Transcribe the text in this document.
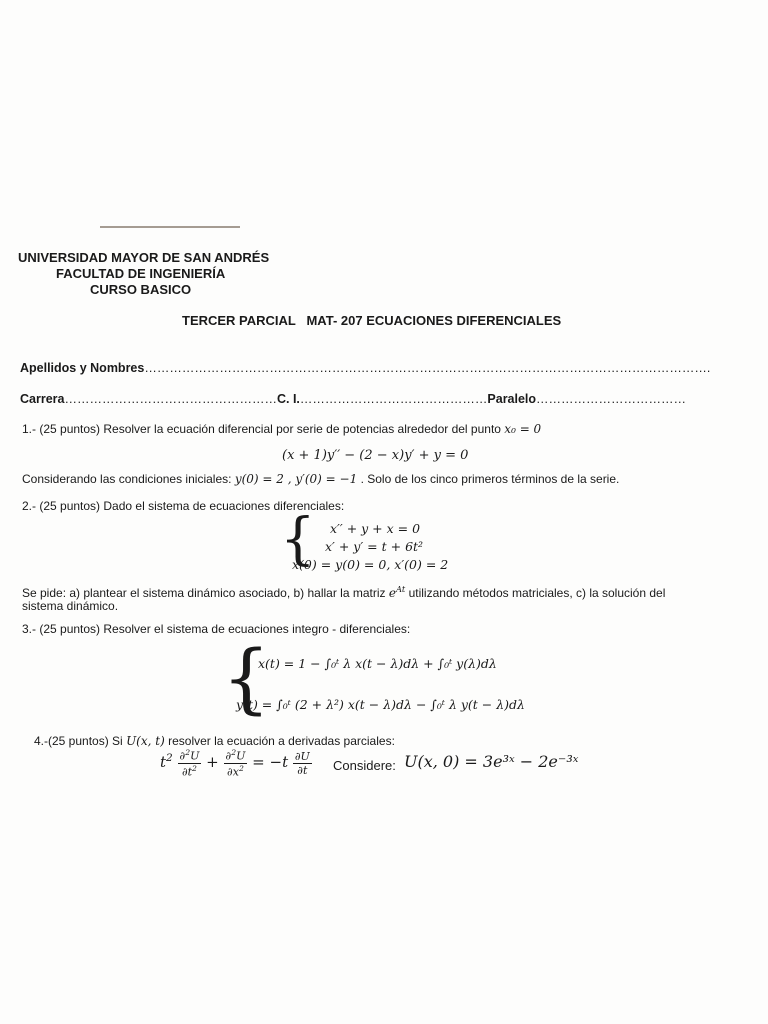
UNIVERSIDAD MAYOR DE SAN ANDRÉS
FACULTAD DE INGENIERÍA
CURSO BASICO
TERCER PARCIAL   MAT- 207 ECUACIONES DIFERENCIALES
Apellidos y Nombres……………………………………………………………………………………………………………………….
Carrera……………………………………………C. I.………………………………………Paralelo………………………………
1.- (25 puntos) Resolver la ecuación diferencial por serie de potencias alrededor del punto x₀ = 0
(x + 1)y′′ − (2 − x)y′ + y = 0
Considerando las condiciones iniciales: y(0) = 2 , y′(0) = −1 . Solo de los cinco primeros términos de la serie.
2.- (25 puntos) Dado el sistema de ecuaciones diferenciales:
{ x′′ + y + x = 0
x′ + y′ = t + 6t²
x(0) = y(0) = 0, x′(0) = 2
Se pide: a) plantear el sistema dinámico asociado, b) hallar la matriz $e^{At}$ utilizando métodos matriciales, c) la solución del
sistema dinámico.
3.- (25 puntos) Resolver el sistema de ecuaciones integro - diferenciales:
{
x(t) = 1 − ∫₀ᵗ λ x(t − λ)dλ + ∫₀ᵗ y(λ)dλ
y(t) = ∫₀ᵗ (2 + λ²) x(t − λ)dλ − ∫₀ᵗ λ y(t − λ)dλ
4.-(25 puntos) Si U(x, t) resolver la ecuación a derivadas parciales:
$t^2 \frac{\partial^2U}{\partial t^2} + \frac{\partial^2U}{\partial x^2} = -t \frac{\partial U}{\partial t}$ Considere: U(x, 0) = 3e³ˣ − 2e⁻³ˣ
